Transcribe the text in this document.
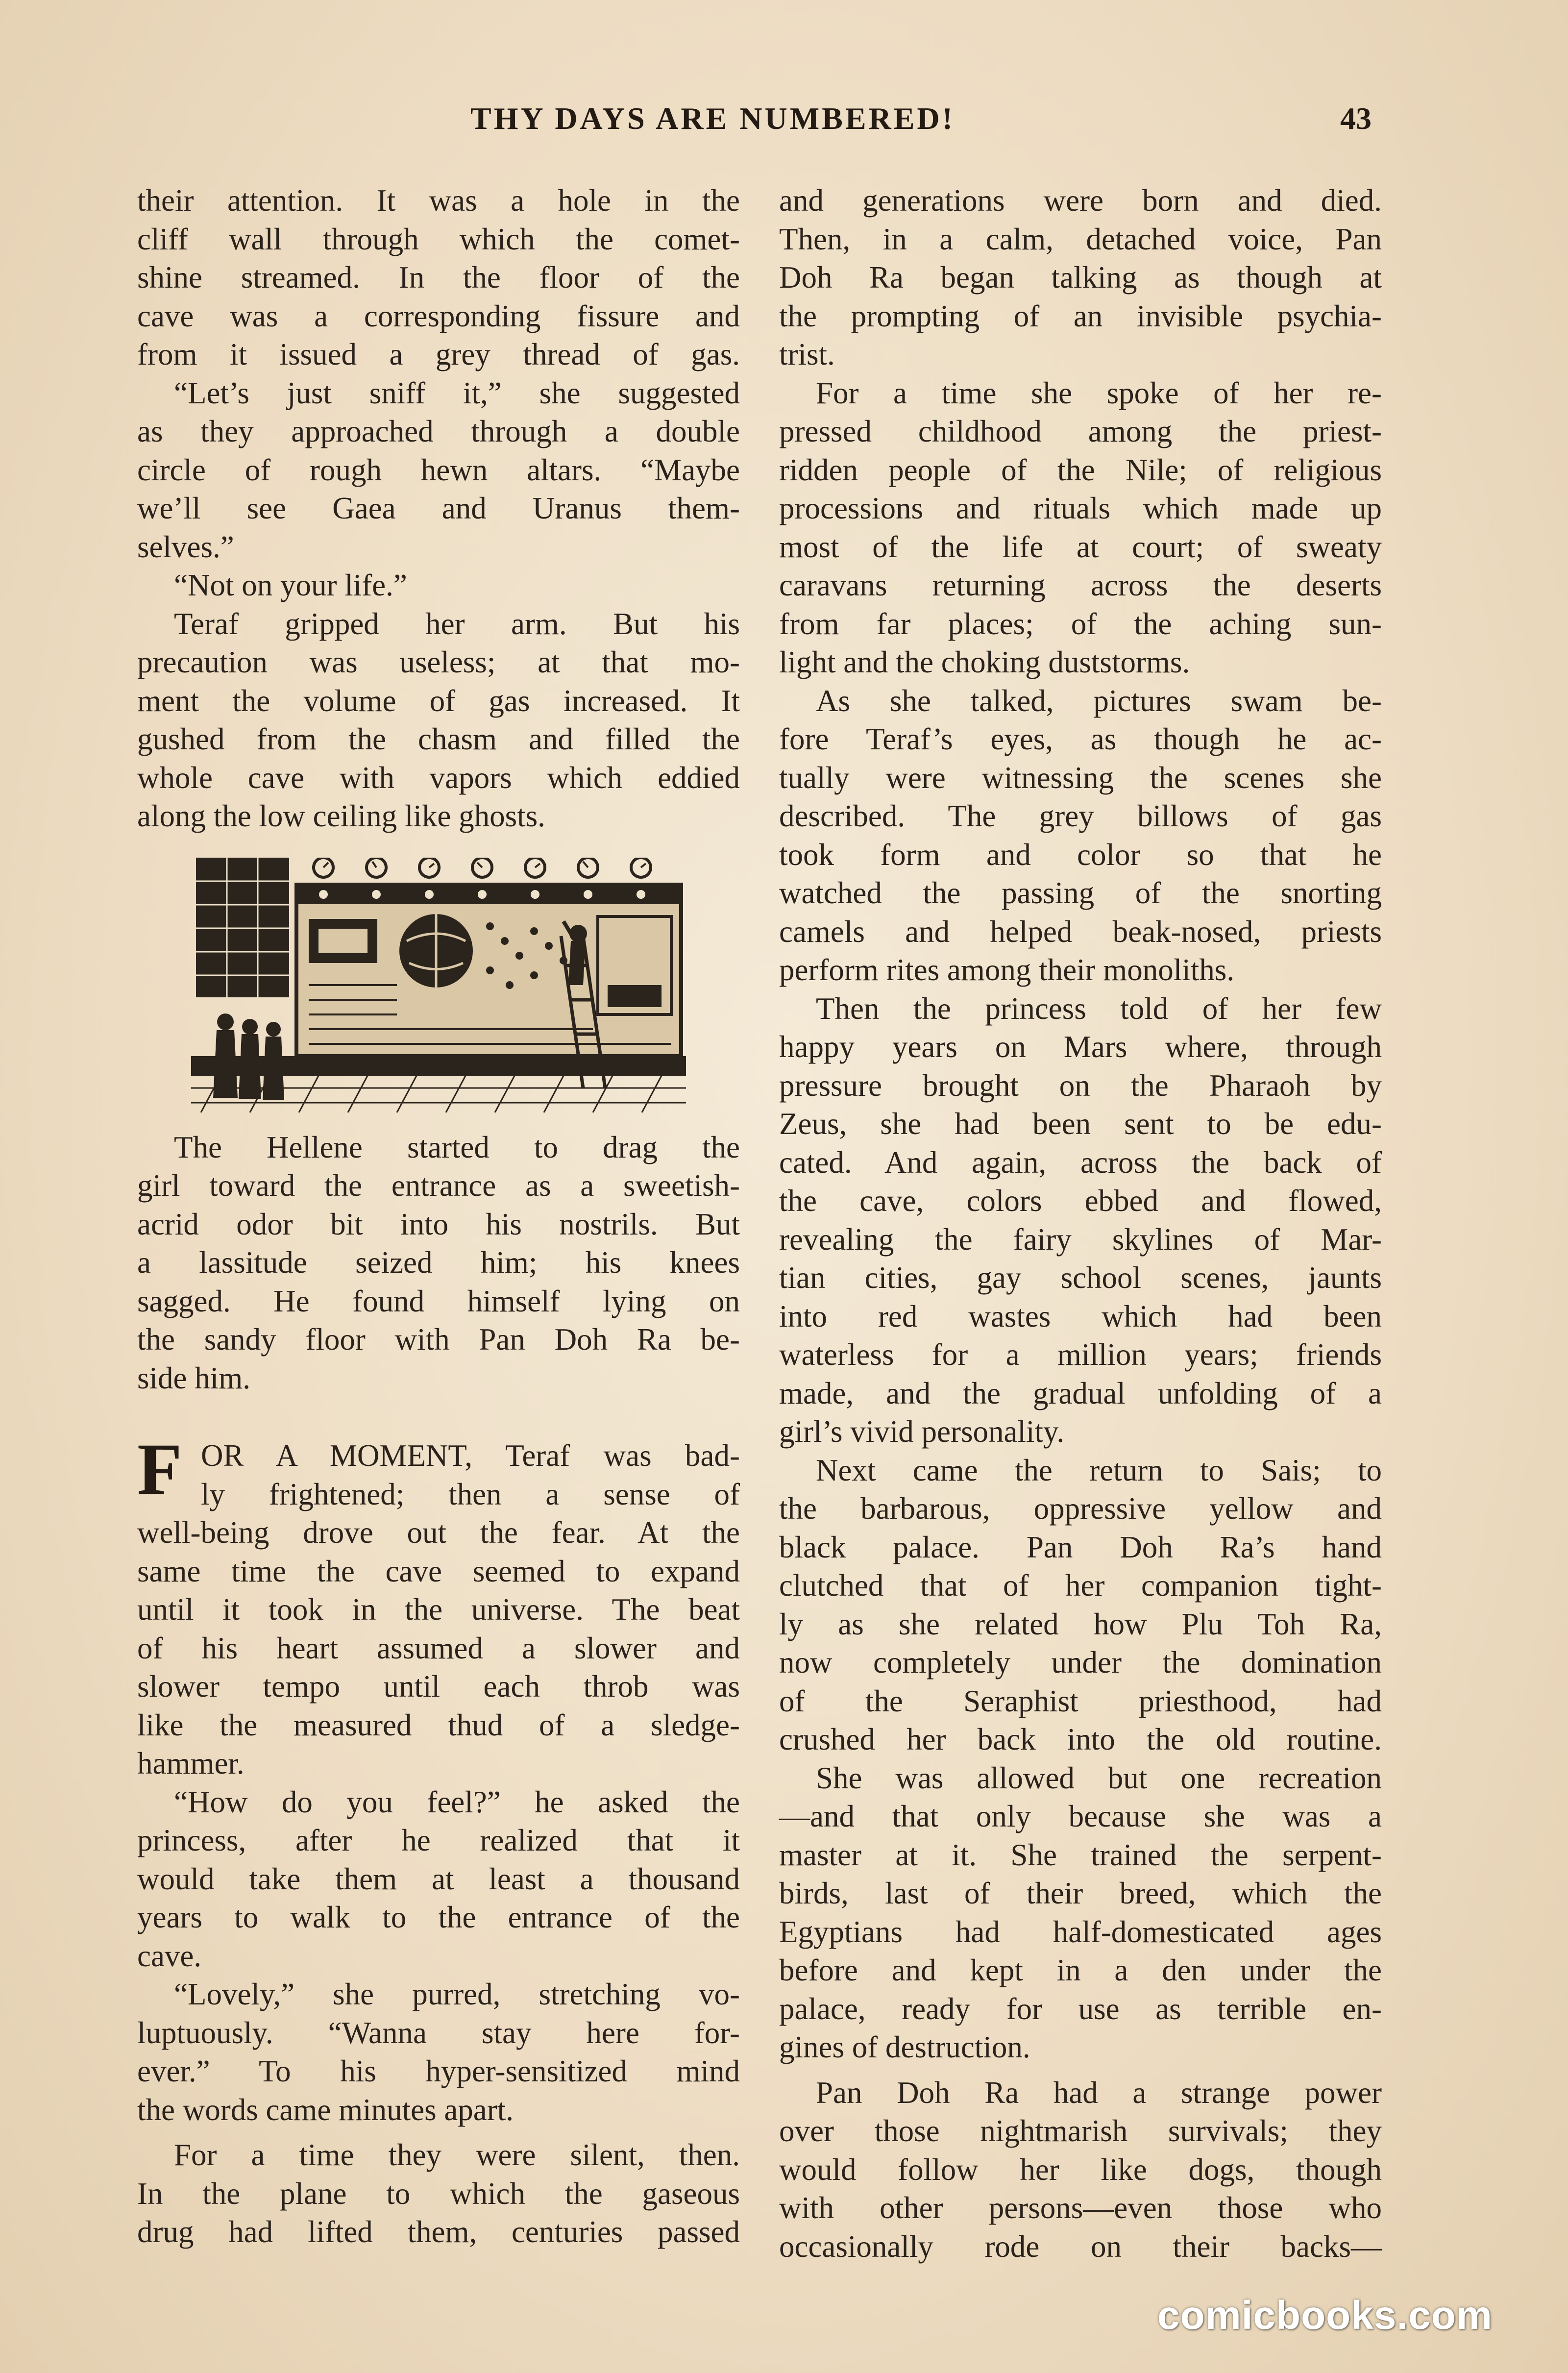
THY DAYS ARE NUMBERED!	43
their attention. It was a hole in the
cliff wall through which the comet-
shine streamed. In the floor of the
cave was a corresponding fissure and
from it issued a grey thread of gas.
“Let’s just sniff it,” she suggested
as they approached through a double
circle of rough hewn altars. “Maybe
we’ll see Gaea and Uranus them-
selves.”
“Not on your life.”
Teraf gripped her arm. But his
precaution was useless; at that mo-
ment the volume of gas increased. It
gushed from the chasm and filled the
whole cave with vapors which eddied
along the low ceiling like ghosts.
The Hellene started to drag the
girl toward the entrance as a sweetish-
acrid odor bit into his nostrils. But
a lassitude seized him; his knees
sagged. He found himself lying on
the sandy floor with Pan Doh Ra be-
side him.
F OR A MOMENT, Teraf was bad-
ly frightened; then a sense of
well-being drove out the fear. At the
same time the cave seemed to expand
until it took in the universe. The beat
of his heart assumed a slower and
slower tempo until each throb was
like the measured thud of a sledge-
hammer.
“How do you feel?” he asked the
princess, after he realized that it
would take them at least a thousand
years to walk to the entrance of the
cave.
“Lovely,” she purred, stretching vo-
luptuously. “Wanna stay here for-
ever.” To his hyper-sensitized mind
the words came minutes apart.
For a time they were silent, then.
In the plane to which the gaseous
drug had lifted them, centuries passed
and generations were born and died.
Then, in a calm, detached voice, Pan
Doh Ra began talking as though at
the prompting of an invisible psychia-
trist.
For a time she spoke of her re-
pressed childhood among the priest-
ridden people of the Nile; of religious
processions and rituals which made up
most of the life at court; of sweaty
caravans returning across the deserts
from far places; of the aching sun-
light and the choking duststorms.
As she talked, pictures swam be-
fore Teraf’s eyes, as though he ac-
tually were witnessing the scenes she
described. The grey billows of gas
took form and color so that he
watched the passing of the snorting
camels and helped beak-nosed, priests
perform rites among their monoliths.
Then the princess told of her few
happy years on Mars where, through
pressure brought on the Pharaoh by
Zeus, she had been sent to be edu-
cated. And again, across the back of
the cave, colors ebbed and flowed,
revealing the fairy skylines of Mar-
tian cities, gay school scenes, jaunts
into red wastes which had been
waterless for a million years; friends
made, and the gradual unfolding of a
girl’s vivid personality.
Next came the return to Sais; to
the barbarous, oppressive yellow and
black palace. Pan Doh Ra’s hand
clutched that of her companion tight-
ly as she related how Plu Toh Ra,
now completely under the domination
of the Seraphist priesthood, had
crushed her back into the old routine.
She was allowed but one recreation
—and that only because she was a
master at it. She trained the serpent-
birds, last of their breed, which the
Egyptians had half-domesticated ages
before and kept in a den under the
palace, ready for use as terrible en-
gines of destruction.
Pan Doh Ra had a strange power
over those nightmarish survivals; they
would follow her like dogs, though
with other persons—even those who
occasionally rode on their backs—
comicbooks.com
